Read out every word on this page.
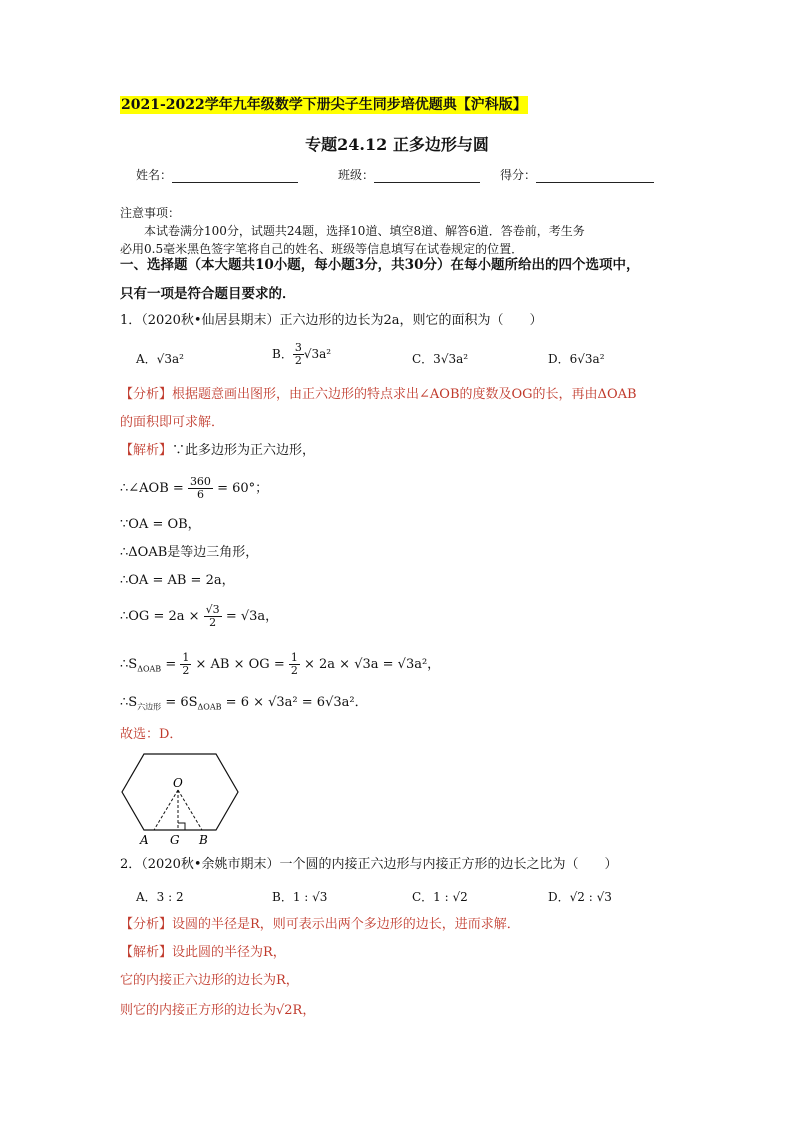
2021-2022学年九年级数学下册尖子生同步培优题典【沪科版】
专题24.12 正多边形与圆
姓名：	班级：	得分：
注意事项：
本试卷满分100分，试题共24题，选择10道、填空8道、解答6道．答卷前，考生务
必用0.5毫米黑色签字笔将自己的姓名、班级等信息填写在试卷规定的位置．
一、选择题（本大题共10小题，每小题3分，共30分）在每小题所给出的四个选项中，
只有一项是符合题目要求的．
1．（2020秋•仙居县期末）正六边形的边长为2a，则它的面积为（　　）
A．√3a²	B． $\frac{3}{2} √3a^2$	C．3√3a²	D．6√3a²
【分析】根据题意画出图形，由正六边形的特点求出∠AOB的度数及OG的长，再由ΔOAB
的面积即可求解．
【解析】∵此多边形为正六边形，
∴∠AOB = $\frac{360}{6} = 60^\circ$；
∵OA = OB，
∴ΔOAB是等边三角形，
∴OA = AB = 2a，
∴OG = $2a \times \frac{√3}{2} = √3a$，
$\therefore S_{\Delta OAB} = \frac{1}{2}$ × AB × OG = $\frac{1}{2} \times 2a \times √3a = √3a^2$，
$\therefore S_{六边形} = 6S_{\Delta OAB} = 6 \times √3a^2 = 6√3a^2$．
故选：D．
O
A G B
2．（2020秋•余姚市期末）一个圆的内接正六边形与内接正方形的边长之比为（　　）
A．3 : 2	B．1 : √3	C．1 : √2	D．√2 : √3
【分析】设圆的半径是R，则可表示出两个多边形的边长，进而求解．
【解析】设此圆的半径为R，
它的内接正六边形的边长为R，
则它的内接正方形的边长为√2R，
